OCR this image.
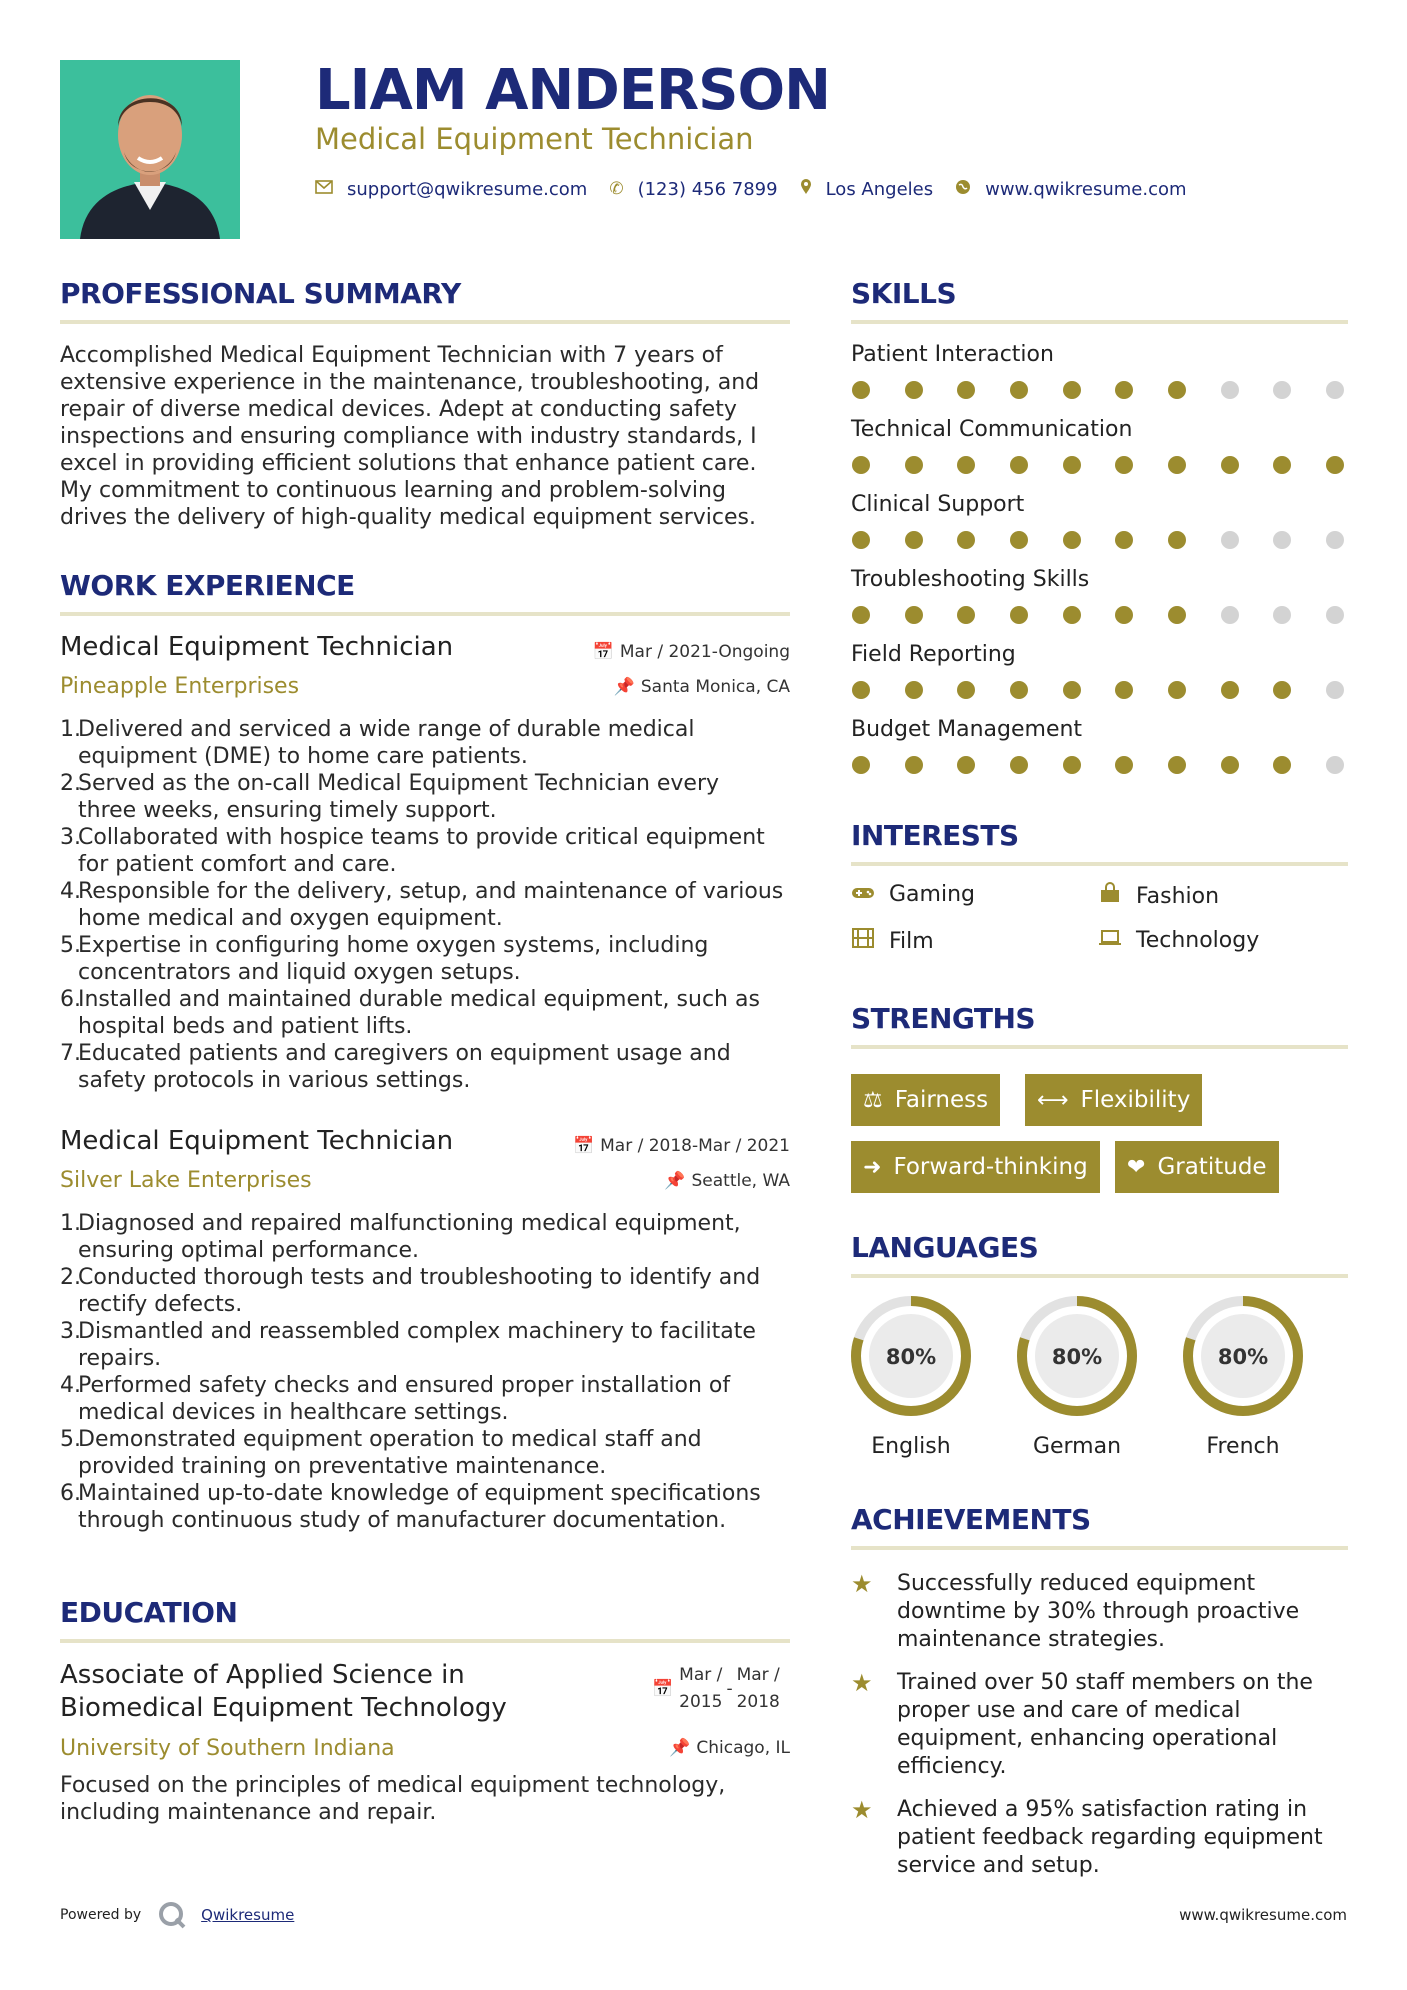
LIAM ANDERSON
Medical Equipment Technician
support@qwikresume.com ✆ (123) 456 7899	Los Angeles	www.qwikresume.com
PROFESSIONAL SUMMARY
Accomplished Medical Equipment Technician with 7 years of
extensive experience in the maintenance, troubleshooting, and
repair of diverse medical devices. Adept at conducting safety
inspections and ensuring compliance with industry standards, I
excel in providing efficient solutions that enhance patient care.
My commitment to continuous learning and problem-solving
drives the delivery of high-quality medical equipment services.
WORK EXPERIENCE
Medical Equipment Technician	📅 Mar / 2021-Ongoing
Pineapple Enterprises	📌 Santa Monica, CA
1.
Delivered and serviced a wide range of durable medical
equipment (DME) to home care patients.
2.
Served as the on-call Medical Equipment Technician every
three weeks, ensuring timely support.
3.
Collaborated with hospice teams to provide critical equipment
for patient comfort and care.
4.
Responsible for the delivery, setup, and maintenance of various
home medical and oxygen equipment.
5.
Expertise in configuring home oxygen systems, including
concentrators and liquid oxygen setups.
6.
Installed and maintained durable medical equipment, such as
hospital beds and patient lifts.
7.
Educated patients and caregivers on equipment usage and
safety protocols in various settings.
Medical Equipment Technician	📅 Mar / 2018-Mar / 2021
Silver Lake Enterprises	📌 Seattle, WA
1.
Diagnosed and repaired malfunctioning medical equipment,
ensuring optimal performance.
2.
Conducted thorough tests and troubleshooting to identify and
rectify defects.
3.
Dismantled and reassembled complex machinery to facilitate
repairs.
4.
Performed safety checks and ensured proper installation of
medical devices in healthcare settings.
5.
Demonstrated equipment operation to medical staff and
provided training on preventative maintenance.
6.
Maintained up-to-date knowledge of equipment specifications
through continuous study of manufacturer documentation.
EDUCATION
Associate of Applied Science in
Biomedical Equipment Technology
📅
Mar /
2015
-
Mar /
2018
University of Southern Indiana	📌 Chicago, IL
Focused on the principles of medical equipment technology,
including maintenance and repair.
SKILLS
Patient Interaction
Technical Communication
Clinical Support
Troubleshooting Skills
Field Reporting
Budget Management
INTERESTS
Gaming	Fashion
Film	Technology
STRENGTHS
⚖ Fairness ⟷ Flexibility
➜ Forward-thinking ❤ Gratitude
LANGUAGES
80%
English
80%
German
80%
French
ACHIEVEMENTS
★	Successfully reduced equipment
downtime by 30% through proactive
maintenance strategies.
★	Trained over 50 staff members on the
proper use and care of medical
equipment, enhancing operational
efficiency.
★	Achieved a 95% satisfaction rating in
patient feedback regarding equipment
service and setup.
Powered by	Qwikresume	www.qwikresume.com
